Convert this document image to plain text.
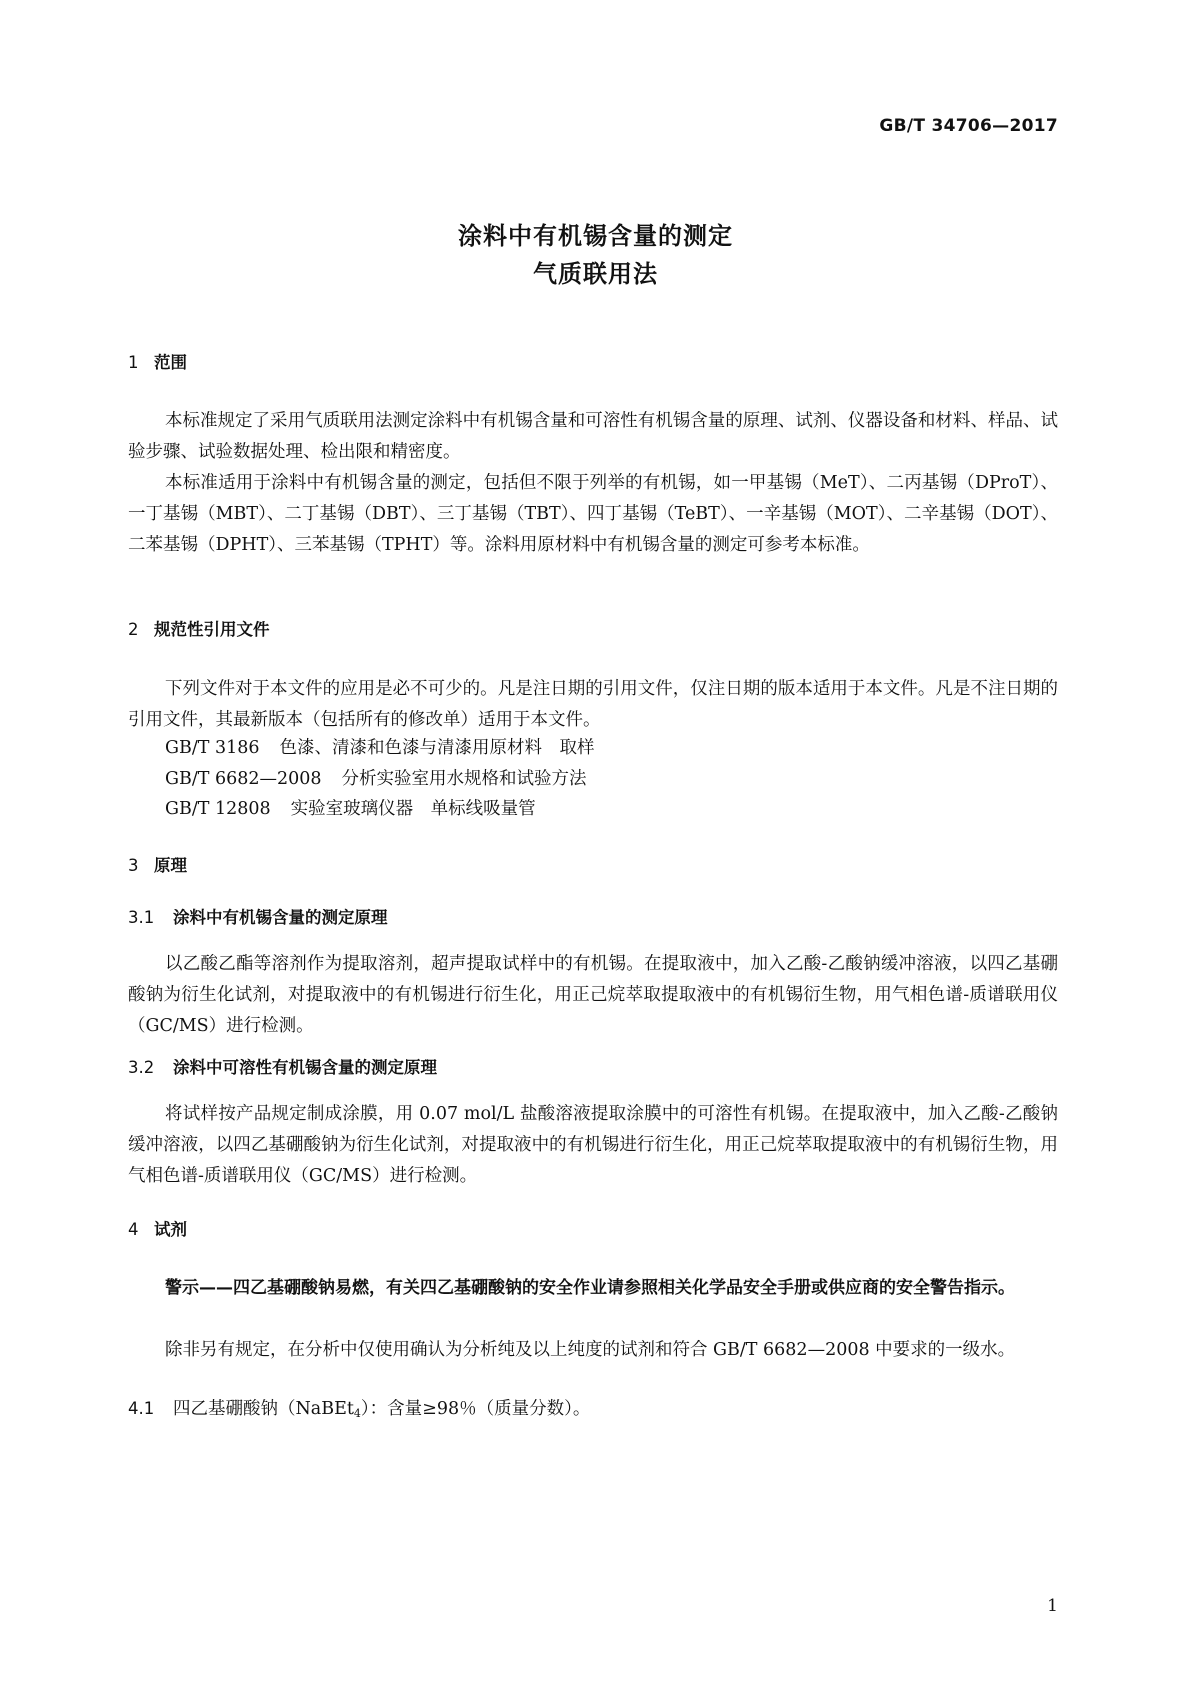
GB/T 34706—2017
涂料中有机锡含量的测定
气质联用法
1 范围
本标准规定了采用气质联用法测定涂料中有机锡含量和可溶性有机锡含量的原理、试剂、仪器设备和材料、样品、试验步骤、试验数据处理、检出限和精密度。
本标准适用于涂料中有机锡含量的测定，包括但不限于列举的有机锡，如一甲基锡（MeT）、二丙基锡（DProT）、一丁基锡（MBT）、二丁基锡（DBT）、三丁基锡（TBT）、四丁基锡（TeBT）、一辛基锡（MOT）、二辛基锡（DOT）、二苯基锡（DPHT）、三苯基锡（TPHT）等。涂料用原材料中有机锡含量的测定可参考本标准。
2 规范性引用文件
下列文件对于本文件的应用是必不可少的。凡是注日期的引用文件，仅注日期的版本适用于本文件。凡是不注日期的引用文件，其最新版本（包括所有的修改单）适用于本文件。
GB/T 3186 色漆、清漆和色漆与清漆用原材料　取样
GB/T 6682—2008 分析实验室用水规格和试验方法
GB/T 12808 实验室玻璃仪器　单标线吸量管
3 原理
3.1 涂料中有机锡含量的测定原理
以乙酸乙酯等溶剂作为提取溶剂，超声提取试样中的有机锡。在提取液中，加入乙酸-乙酸钠缓冲溶液，以四乙基硼酸钠为衍生化试剂，对提取液中的有机锡进行衍生化，用正己烷萃取提取液中的有机锡衍生物，用气相色谱-质谱联用仪（GC/MS）进行检测。
3.2 涂料中可溶性有机锡含量的测定原理
将试样按产品规定制成涂膜，用 0.07 mol/L 盐酸溶液提取涂膜中的可溶性有机锡。在提取液中，加入乙酸-乙酸钠缓冲溶液，以四乙基硼酸钠为衍生化试剂，对提取液中的有机锡进行衍生化，用正己烷萃取提取液中的有机锡衍生物，用气相色谱-质谱联用仪（GC/MS）进行检测。
4 试剂
警示——四乙基硼酸钠易燃，有关四乙基硼酸钠的安全作业请参照相关化学品安全手册或供应商的安全警告指示。
除非另有规定，在分析中仅使用确认为分析纯及以上纯度的试剂和符合 GB/T 6682—2008 中要求的一级水。
4.1 四乙基硼酸钠（NaBEt$_4$）：含量≥98％（质量分数）。
1
